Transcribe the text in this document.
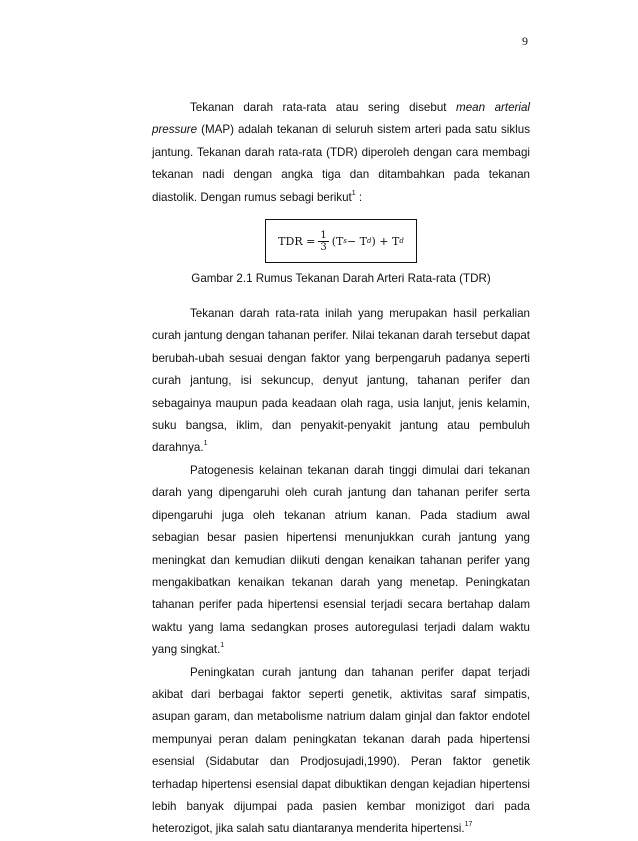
9

Tekanan darah rata-rata atau sering disebut mean arterial pressure (MAP) adalah tekanan di seluruh sistem arteri pada satu siklus jantung. Tekanan darah rata-rata (TDR) diperoleh dengan cara membagi tekanan nadi dengan angka tiga dan ditambahkan pada tekanan diastolik. Dengan rumus sebagi berikut$^1$ :

TDR = $\frac{1}{3} (T$ s − T d ) + T d
Gambar 2.1 Rumus Tekanan Darah Arteri Rata-rata (TDR)

Tekanan darah rata-rata inilah yang merupakan hasil perkalian curah jantung dengan tahanan perifer. Nilai tekanan darah tersebut dapat berubah-ubah sesuai dengan faktor yang berpengaruh padanya seperti curah jantung, isi sekuncup, denyut jantung, tahanan perifer dan sebagainya maupun pada keadaan olah raga, usia lanjut, jenis kelamin, suku bangsa, iklim, dan penyakit-penyakit jantung atau pembuluh darahnya.$^1$

Patogenesis kelainan tekanan darah tinggi dimulai dari tekanan darah yang dipengaruhi oleh curah jantung dan tahanan perifer serta dipengaruhi juga oleh tekanan atrium kanan. Pada stadium awal sebagian besar pasien hipertensi menunjukkan curah jantung yang meningkat dan kemudian diikuti dengan kenaikan tahanan perifer yang mengakibatkan kenaikan tekanan darah yang menetap. Peningkatan tahanan perifer pada hipertensi esensial terjadi secara bertahap dalam waktu yang lama sedangkan proses autoregulasi terjadi dalam waktu yang singkat.$^1$

Peningkatan curah jantung dan tahanan perifer dapat terjadi akibat dari berbagai faktor seperti genetik, aktivitas saraf simpatis, asupan garam, dan metabolisme natrium dalam ginjal dan faktor endotel mempunyai peran dalam peningkatan tekanan darah pada hipertensi esensial (Sidabutar dan Prodjosujadi,1990). Peran faktor genetik terhadap hipertensi esensial dapat dibuktikan dengan kejadian hipertensi lebih banyak dijumpai pada pasien kembar monizigot dari pada heterozigot, jika salah satu diantaranya menderita hipertensi.$^{17}$
